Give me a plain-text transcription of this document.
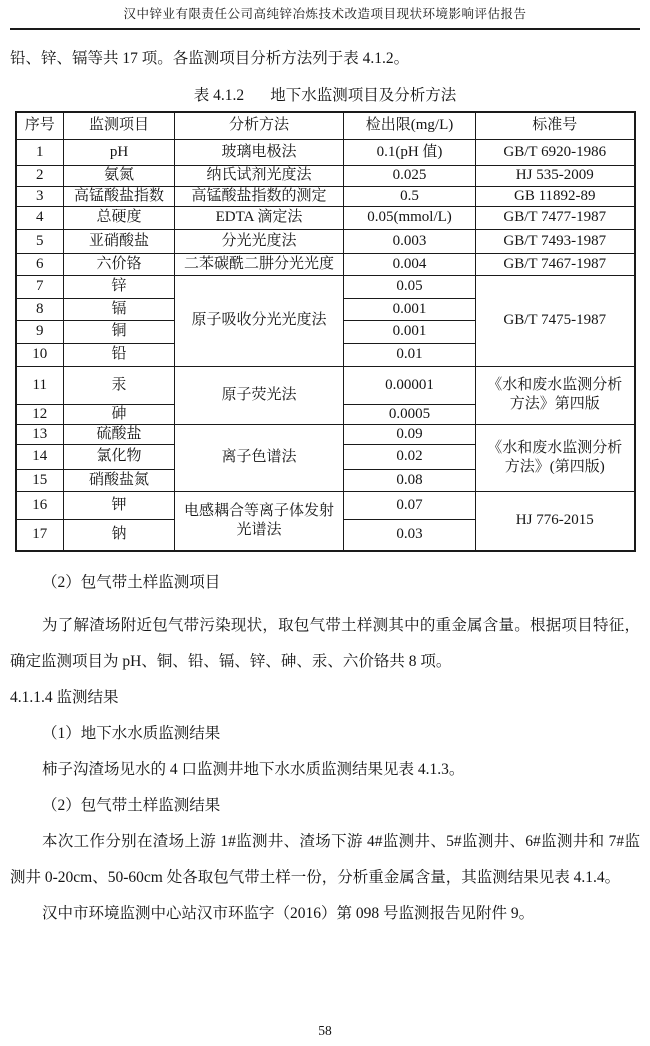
汉中锌业有限责任公司高纯锌冶炼技术改造项目现状环境影响评估报告
铅、锌、镉等共 17 项。各监测项目分析方法列于表 4.1.2。
表 4.1.2 地下水监测项目及分析方法
序号	监测项目	分析方法	检出限(mg/L)	标准号
1	pH	玻璃电极法	0.1(pH 值)	GB/T 6920-1986
2	氨氮	纳氏试剂光度法	0.025	HJ 535-2009
3	高锰酸盐指数	高锰酸盐指数的测定	0.5	GB 11892-89
4	总硬度	EDTA 滴定法	0.05(mmol/L)	GB/T 7477-1987
5	亚硝酸盐	分光光度法	0.003	GB/T 7493-1987
6	六价铬	二苯碳酰二肼分光光度	0.004	GB/T 7467-1987
7	锌	原子吸收分光光度法	0.05	GB/T 7475-1987
8	镉		0.001	
9	铜		0.001	
10	铅		0.01	
11	汞	原子荧光法	0.00001	《水和废水监测分析方法》第四版
12	砷		0.0005	
13	硫酸盐	离子色谱法	0.09	《水和废水监测分析方法》(第四版)
14	氯化物		0.02	
15	硝酸盐氮		0.08	
16	钾	电感耦合等离子体发射光谱法	0.07	HJ 776-2015
17	钠		0.03	
（2）包气带土样监测项目
为了解渣场附近包气带污染现状，取包气带土样测其中的重金属含量。根据项目特征，确定监测项目为 pH、铜、铅、镉、锌、砷、汞、六价铬共 8 项。
4.1.1.4 监测结果
（1）地下水水质监测结果
柿子沟渣场见水的 4 口监测井地下水水质监测结果见表 4.1.3。
（2）包气带土样监测结果
本次工作分别在渣场上游 1#监测井、渣场下游 4#监测井、5#监测井、6#监测井和 7#监测井 0-20cm、50-60cm 处各取包气带土样一份，分析重金属含量，其监测结果见表 4.1.4。
汉中市环境监测中心站汉市环监字（2016）第 098 号监测报告见附件 9。
58
